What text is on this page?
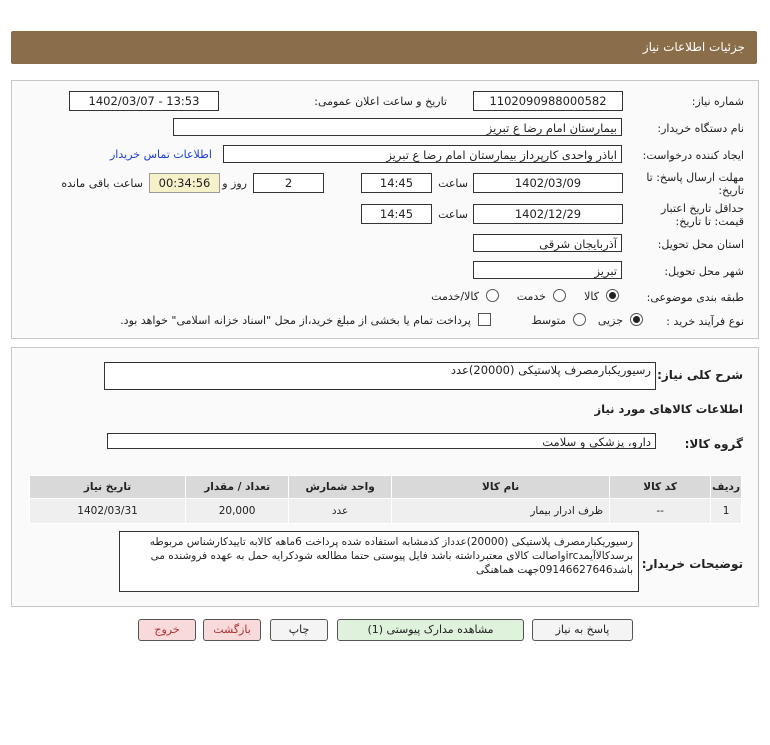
جزئیات اطلاعات نیاز
شماره نیاز:
1102090988000582
تاریخ و ساعت اعلان عمومی:
1402/03/07 - 13:53
نام دستگاه خریدار:
بیمارستان امام رضا ع تبریز
ایجاد کننده درخواست:
اباذر واحدی کارپرداز بیمارستان امام رضا ع تبریز
اطلاعات تماس خریدار
مهلت ارسال پاسخ: تا
تاریخ:
1402/03/09
ساعت
14:45
2
روز و
00:34:56
ساعت باقی مانده
حداقل تاریخ اعتبار
قیمت: تا تاریخ:
1402/12/29
ساعت
14:45
استان محل تحویل:
آذربایجان شرقی
شهر محل تحویل:
تبریز
طبقه بندی موضوعی:
کالا
خدمت
کالا/خدمت
نوع فرآیند خرید :
جزیی
متوسط
پرداخت تمام یا بخشی از مبلغ خرید،از محل "اسناد خزانه اسلامی" خواهد بود.
شرح کلی نیاز:
رسیوریکبارمصرف پلاستیکی (20000)عدد
اطلاعات کالاهای مورد نیاز
گروه کالا:
دارو، پزشکی و سلامت
ردیف	کد کالا	نام کالا	واحد شمارش	تعداد / مقدار	تاریخ نیاز
1	--	ظرف ادرار بیمار	عدد	20,000	1402/03/31
توضیحات خریدار:
رسیوریکبارمصرف پلاستیکی (20000)عدداز کدمشابه استفاده شده پرداخت 6ماهه کالابه تاییدکارشناس مربوطه برسدکالاآیمدircواصالت کالای معتبرداشته باشد فایل پیوستی حتما مطالعه شودکرایه حمل به عهده فروشنده می باشد09146627646جهت هماهنگی
پاسخ به نیاز
مشاهده مدارک پیوستی (1)
چاپ
بازگشت
خروج
